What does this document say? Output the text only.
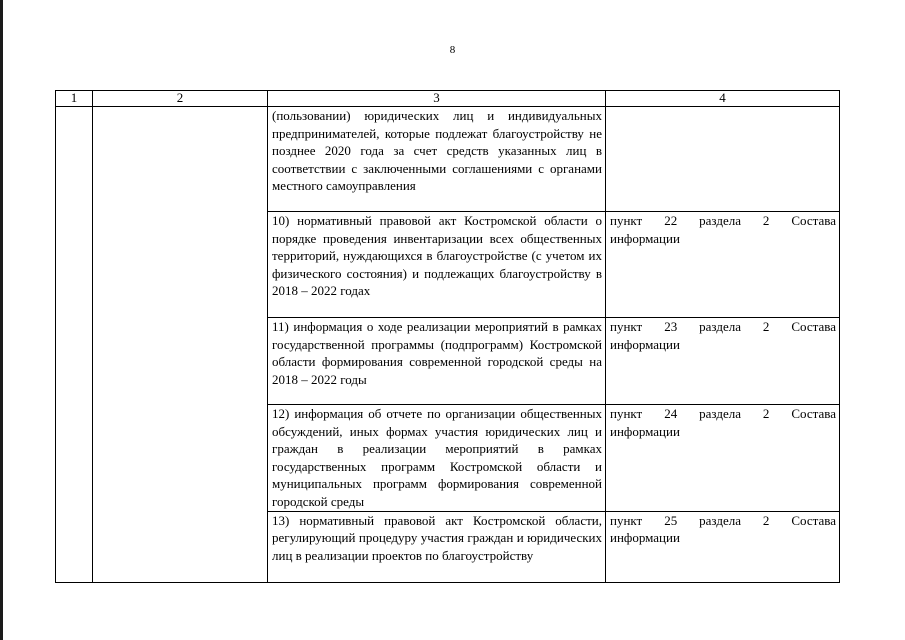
8
1	2	3	4
		(пользовании) юридических лиц и индивидуальных предпринимателей, которые подлежат благоустройству не позднее 2020 года за счет средств указанных лиц в соответствии с заключенными соглашениями с органами местного самоуправления	
		10) нормативный правовой акт Костромской области о порядке проведения инвентаризации всех общественных территорий, нуждающихся в благоустройстве (с учетом их физического состояния) и подлежащих благоустройству в 2018 – 2022 годах	пункт 22 раздела 2 Состава
информации

		11) информация о ходе реализации мероприятий в рамках государственной программы (подпрограмм) Костромской области формирования современной городской среды на 2018 – 2022 годы	пункт 23 раздела 2 Состава
информации

		12) информация об отчете по организации общественных обсуждений, иных формах участия юридических лиц и граждан в реализации мероприятий в рамках государственных программ Костромской области и муниципальных программ формирования современной городской среды	пункт 24 раздела 2 Состава
информации

		13) нормативный правовой акт Костромской области, регулирующий процедуру участия граждан и юридических лиц в реализации проектов по благоустройству	пункт 25 раздела 2 Состава
информации
